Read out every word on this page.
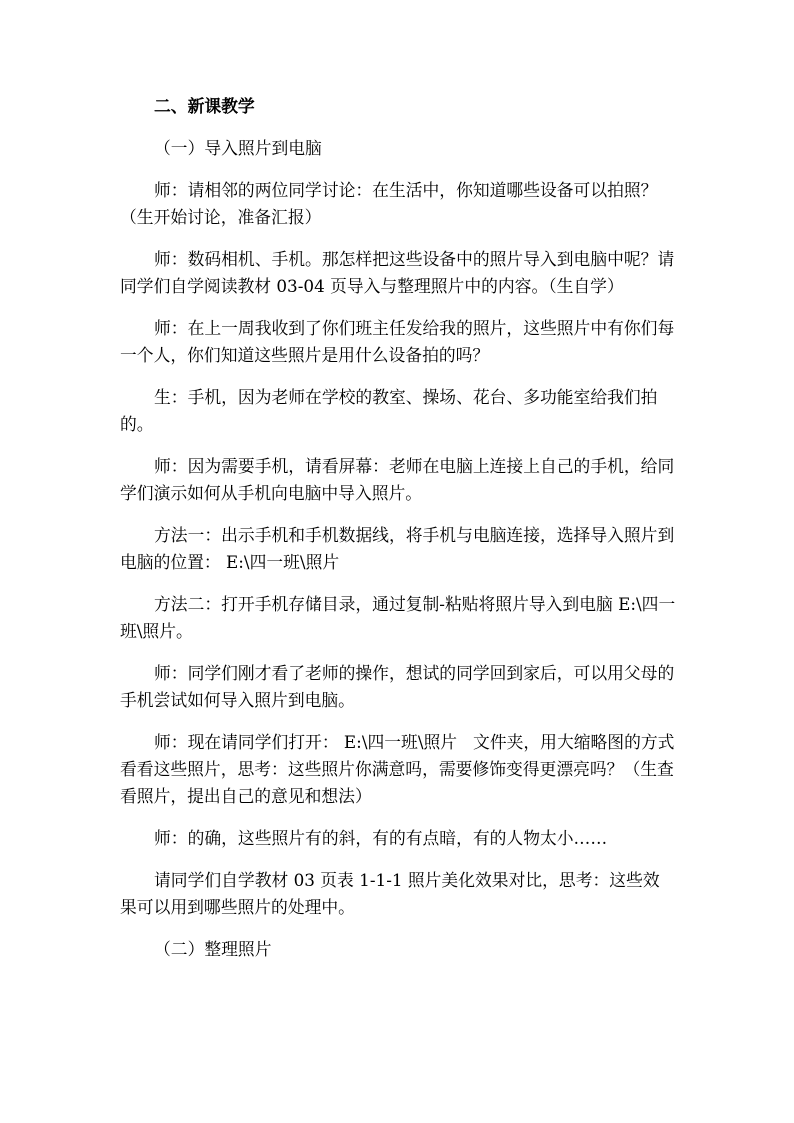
二、新课教学

（一）导入照片到电脑

师：请相邻的两位同学讨论：在生活中，你知道哪些设备可以拍照？（生开始讨论，准备汇报）

师：数码相机、手机。那怎样把这些设备中的照片导入到电脑中呢？请同学们自学阅读教材 03-04 页导入与整理照片中的内容。（生自学）

师：在上一周我收到了你们班主任发给我的照片，这些照片中有你们每一个人，你们知道这些照片是用什么设备拍的吗？

生：手机，因为老师在学校的教室、操场、花台、多功能室给我们拍的。

师：因为需要手机，请看屏幕：老师在电脑上连接上自己的手机，给同学们演示如何从手机向电脑中导入照片。

方法一：出示手机和手机数据线，将手机与电脑连接，选择导入照片到电脑的位置： E:\四一班\照片

方法二：打开手机存储目录，通过复制-粘贴将照片导入到电脑 E:\四一班\照片。

师：同学们刚才看了老师的操作，想试的同学回到家后，可以用父母的手机尝试如何导入照片到电脑。

师：现在请同学们打开： E:\四一班\照片   文件夹，用大缩略图的方式看看这些照片，思考：这些照片你满意吗，需要修饰变得更漂亮吗？（生查看照片，提出自己的意见和想法）

师：的确，这些照片有的斜，有的有点暗，有的人物太小……

请同学们自学教材 03 页表 1-1-1 照片美化效果对比，思考：这些效果可以用到哪些照片的处理中。

（二）整理照片
